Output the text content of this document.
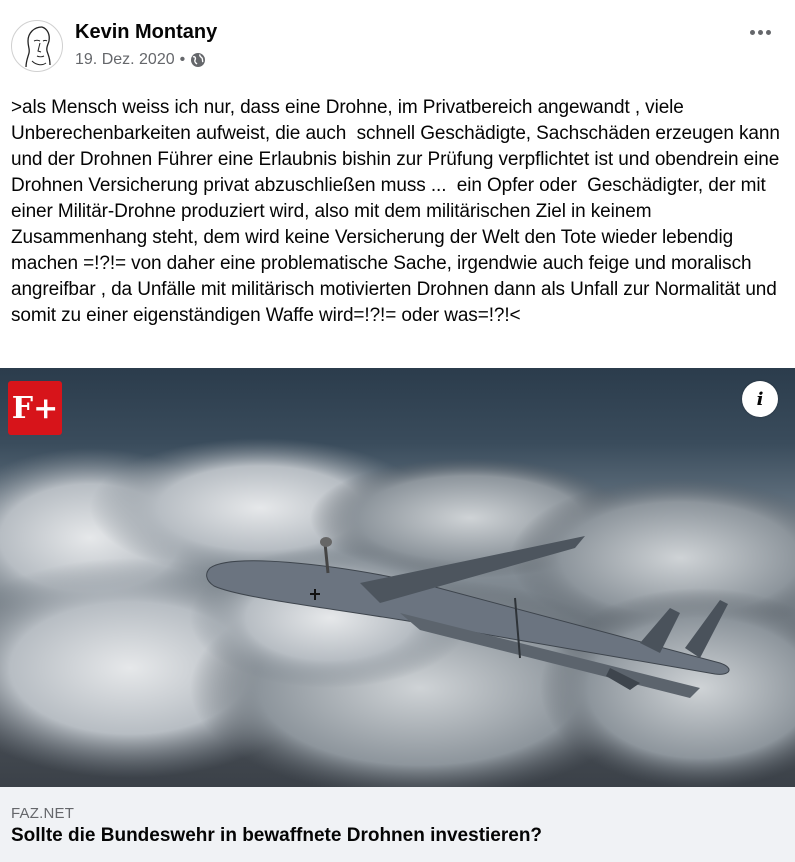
Kevin Montany
19. Dez. 2020 •
>als Mensch weiss ich nur, dass eine Drohne, im Privatbereich angewandt , viele Unberechenbarkeiten aufweist, die auch  schnell Geschädigte, Sachschäden erzeugen kann und der Drohnen Führer eine Erlaubnis bishin zur Prüfung verpflichtet ist und obendrein eine Drohnen Versicherung privat abzuschließen muss ...  ein Opfer oder  Geschädigter, der mit einer Militär-Drohne produziert wird, also mit dem militärischen Ziel in keinem  Zusammenhang steht, dem wird keine Versicherung der Welt den Tote wieder lebendig machen =!?!= von daher eine problematische Sache, irgendwie auch feige und moralisch angreifbar , da Unfälle mit militärisch motivierten Drohnen dann als Unfall zur Normalität und somit zu einer eigenständigen Waffe wird=!?!= oder was=!?!<
F+	i
FAZ.NET
Sollte die Bundeswehr in bewaffnete Drohnen investieren?
